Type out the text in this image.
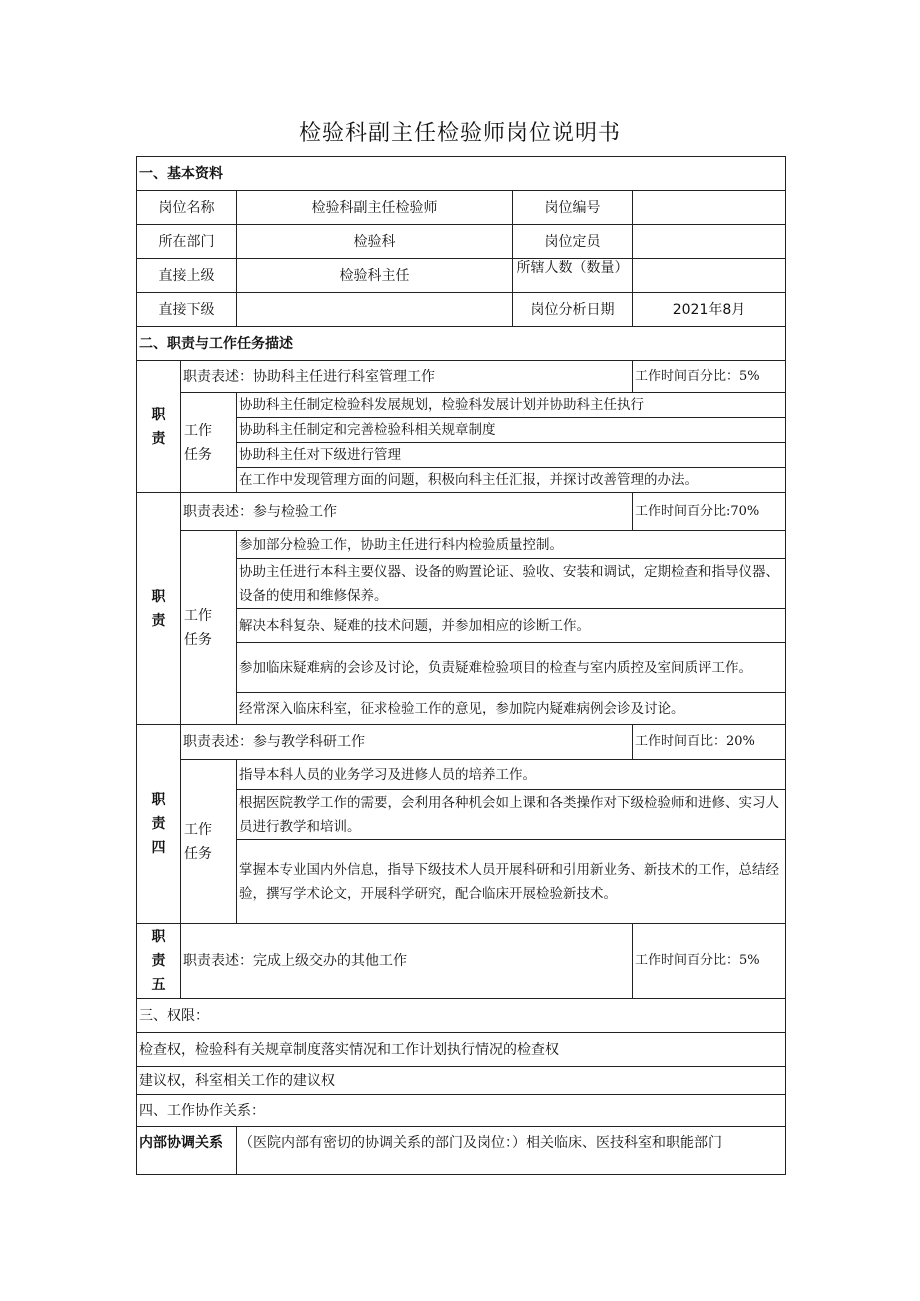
检验科副主任检验师岗位说明书
一、基本资料				
岗位名称		检验科副主任检验师	岗位编号	
所在部门		检验科	岗位定员	
直接上级		检验科主任	所辖人数（数量）	

直接下级			岗位分析日期	2021年8月
二、职责与工作任务描述				

职
责	职责表述：协助科主任进行科室管理工作			工作时间百分比：5%

	工作
任务	协助科主任制定检验科发展规划，检验科发展计划并协助科主任执行		
		协助科主任制定和完善检验科相关规章制度		
		协助科主任对下级进行管理		
		在工作中发现管理方面的问题，积极向科主任汇报，并探讨改善管理的办法。		

职
责	职责表述：参与检验工作			工作时间百分比:70%

	工作
任务	参加部分检验工作，协助主任进行科内检验质量控制。		
		协助主任进行本科主要仪器、设备的购置论证、验收、安装和调试，定期检查和指导仪器、设备的使用和维修保养。		
		解决本科复杂、疑难的技术问题，并参加相应的诊断工作。		
		参加临床疑难病的会诊及讨论，负责疑难检验项目的检查与室内质控及室间质评工作。		
		经常深入临床科室，征求检验工作的意见，参加院内疑难病例会诊及讨论。		

职
责
四	职责表述：参与教学科研工作			工作时间百比：20%

	工作
任务	指导本科人员的业务学习及进修人员的培养工作。		
		根据医院教学工作的需要，会利用各种机会如上课和各类操作对下级检验师和进修、实习人员进行教学和培训。		
		掌握本专业国内外信息，指导下级技术人员开展科研和引用新业务、新技术的工作，总结经验，撰写学术论文，开展科学研究，配合临床开展检验新技术。		

职
责
五	职责表述：完成上级交办的其他工作			工作时间百分比：5%
三、权限：				
检查权，检验科有关规章制度落实情况和工作计划执行情况的检查权				
建议权，科室相关工作的建议权				
四、工作协作关系：				
内部协调关系		（医院内部有密切的协调关系的部门及岗位：）相关临床、医技科室和职能部门		
